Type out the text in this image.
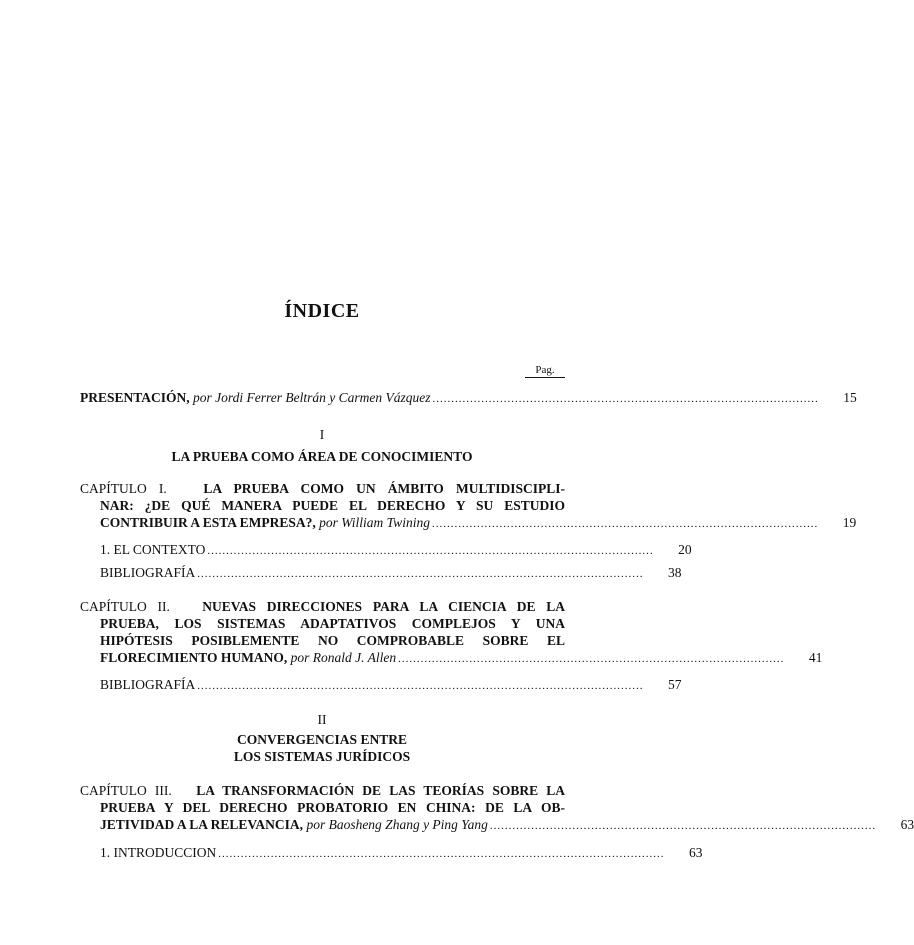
ÍNDICE
Pag.
PRESENTACIÓN, por Jordi Ferrer Beltrán y Carmen Vázquez .......................................................................................................	15
I
LA PRUEBA COMO ÁREA DE CONOCIMIENTO
CAPÍTULO I.	LA PRUEBA COMO UN ÁMBITO MULTIDISCIPLI-
NAR: ¿DE QUÉ MANERA PUEDE EL DERECHO Y SU ESTUDIO
CONTRIBUIR A ESTA EMPRESA?, por William Twining .......................................................................................................	19
1. EL CONTEXTO .......................................................................................................................	20
BIBLIOGRAFÍA .......................................................................................................................	38
CAPÍTULO II. NUEVAS DIRECCIONES PARA LA CIENCIA DE LA
PRUEBA, LOS SISTEMAS ADAPTATIVOS COMPLEJOS Y UNA
HIPÓTESIS POSIBLEMENTE NO COMPROBABLE SOBRE EL
FLORECIMIENTO HUMANO, por Ronald J. Allen .......................................................................................................	41
BIBLIOGRAFÍA .......................................................................................................................	57
II
CONVERGENCIAS ENTRE
LOS SISTEMAS JURÍDICOS
CAPÍTULO III. LA TRANSFORMACIÓN DE LAS TEORÍAS SOBRE LA
PRUEBA Y DEL DERECHO PROBATORIO EN CHINA: DE LA OB-
JETIVIDAD A LA RELEVANCIA, por Baosheng Zhang y Ping Yang .......................................................................................................	63
1. INTRODUCCION .......................................................................................................................	63
